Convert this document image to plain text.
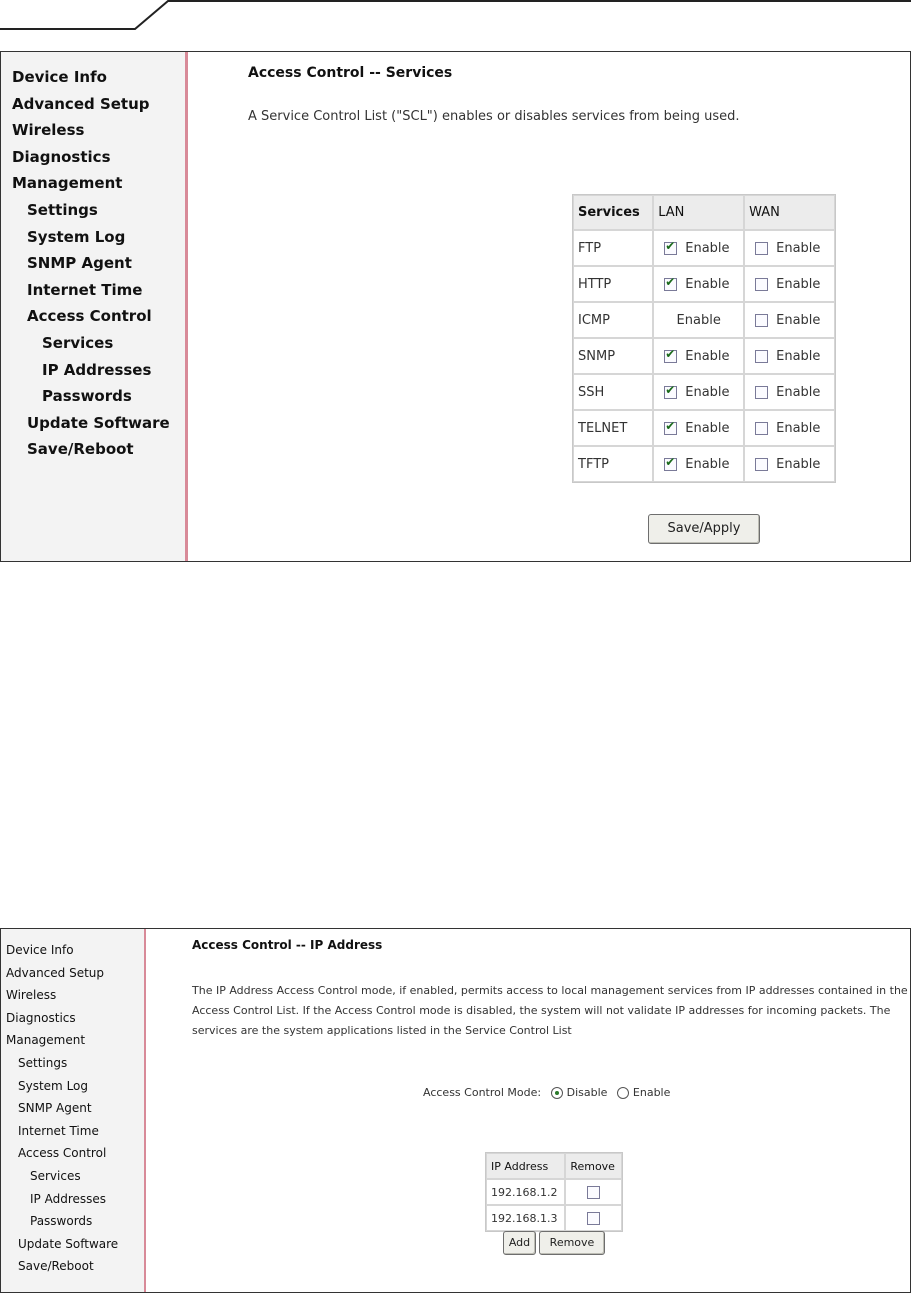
Device Info
Advanced Setup
Wireless
Diagnostics
Management
Settings
System Log
SNMP Agent
Internet Time
Access Control
Services
IP Addresses
Passwords
Update Software
Save/Reboot
Access Control -- Services
A Service Control List ("SCL") enables or disables services from being used.
Services	LAN	WAN
FTP	✔Enable	Enable
HTTP	✔Enable	Enable
ICMP	Enable	Enable
SNMP	✔Enable	Enable
SSH	✔Enable	Enable
TELNET	✔Enable	Enable
TFTP	✔Enable	Enable
Save/Apply
Device Info
Advanced Setup
Wireless
Diagnostics
Management
Settings
System Log
SNMP Agent
Internet Time
Access Control
Services
IP Addresses
Passwords
Update Software
Save/Reboot
Access Control -- IP Address
The IP Address Access Control mode, if enabled, permits access to local management services from IP addresses contained in the
Access Control List. If the Access Control mode is disabled, the system will not validate IP addresses for incoming packets. The
services are the system applications listed in the Service Control List
Access Control Mode: Disable Enable
IP Address	Remove
192.168.1.2	
192.168.1.3	
Add	Remove
